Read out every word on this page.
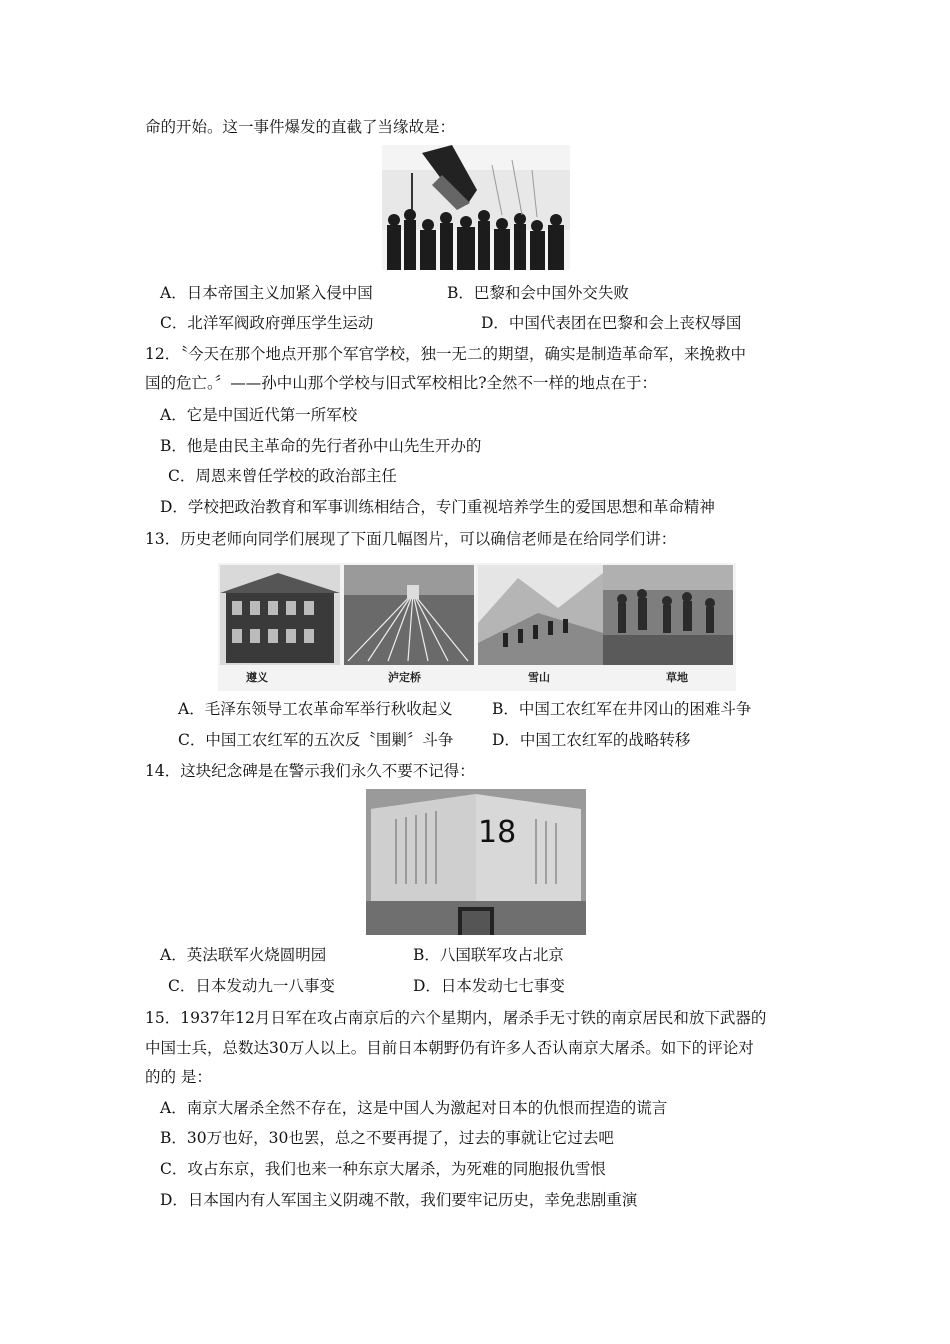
命的开始。这一事件爆发的直截了当缘故是：
A．日本帝国主义加紧入侵中国	B．巴黎和会中国外交失败
C．北洋军阀政府弹压学生运动	D．中国代表团在巴黎和会上丧权辱国
12．〝今天在那个地点开那个军官学校，独一无二的期望，确实是制造革命军，来挽救中
国的危亡。〞——孙中山那个学校与旧式军校相比?全然不一样的地点在于：
A．它是中国近代第一所军校
B．他是由民主革命的先行者孙中山先生开办的
C．周恩来曾任学校的政治部主任
D．学校把政治教育和军事训练相结合，专门重视培养学生的爱国思想和革命精神
13．历史老师向同学们展现了下面几幅图片，可以确信老师是在给同学们讲：
遵义	泸定桥	雪山	草地
A．毛泽东领导工农革命军举行秋收起义	B．中国工农红军在井冈山的困难斗争
C．中国工农红军的五次反〝围剿〞斗争 D．中国工农红军的战略转移
14．这块纪念碑是在警示我们永久不要不记得：
18
A．英法联军火烧圆明园	B．八国联军攻占北京
C．日本发动九一八事变	D．日本发动七七事变
15．1937年12月日军在攻占南京后的六个星期内，屠杀手无寸铁的南京居民和放下武器的
中国士兵，总数达30万人以上。目前日本朝野仍有许多人否认南京大屠杀。如下的评论对
的的 是：
A．南京大屠杀全然不存在，这是中国人为激起对日本的仇恨而捏造的谎言
B．30万也好，30也罢，总之不要再提了，过去的事就让它过去吧
C．攻占东京，我们也来一种东京大屠杀，为死难的同胞报仇雪恨
D．日本国内有人军国主义阴魂不散，我们要牢记历史，幸免悲剧重演
